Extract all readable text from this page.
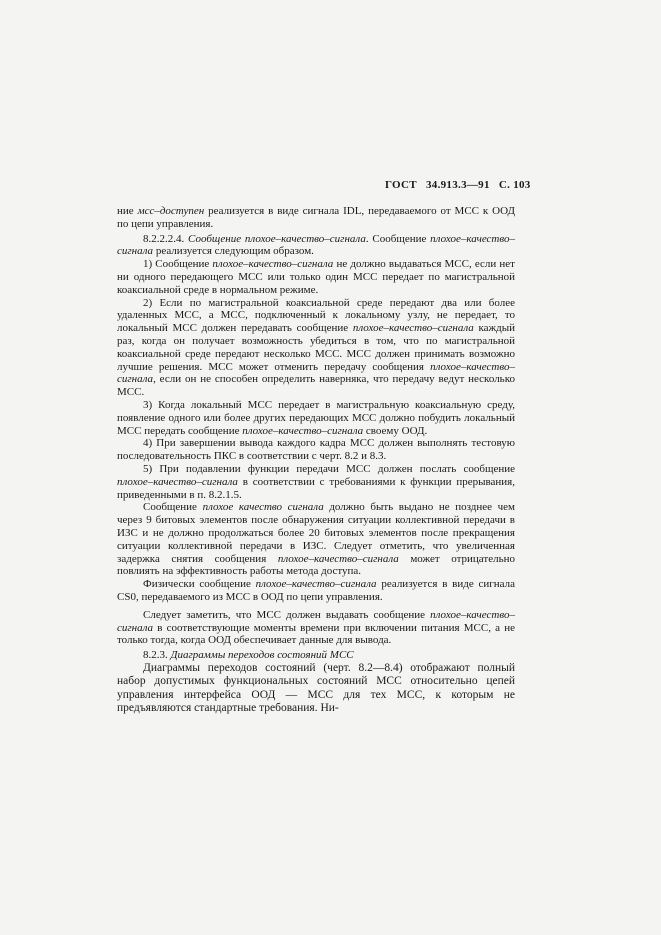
ГОСТ 34.913.3—91 С. 103

ние мсс–доступен реализуется в виде сигнала IDL, передаваемого от МСС к ООД по цепи управления.

8.2.2.2.4. Сообщение плохое–качество–сигнала. Сообщение плохое–качество–сигнала реализуется следующим образом.

1) Сообщение плохое–качество–сигнала не должно выдаваться МСС, если нет ни одного передающего МСС или только один МСС передает по магистральной коаксиальной среде в нормальном режиме.

2) Если по магистральной коаксиальной среде передают два или более удаленных МСС, а МСС, подключенный к локальному узлу, не передает, то локальный МСС должен передавать сообщение плохое–качество–сигнала каждый раз, когда он получает возможность убедиться в том, что по магистральной коаксиальной среде передают несколько МСС. МСС должен принимать возможно лучшие решения. МСС может отменить передачу сообщения плохое–качество–сигнала, если он не способен определить наверняка, что передачу ведут несколько МСС.

3) Когда локальный МСС передает в магистральную коаксиальную среду, появление одного или более других передающих МСС должно побудить локальный МСС передать сообщение плохое–качество–сигнала своему ООД.

4) При завершении вывода каждого кадра МСС должен выполнять тестовую последовательность ПКС в соответствии с черт. 8.2 и 8.3.

5) При подавлении функции передачи МСС должен послать сообщение плохое–качество–сигнала в соответствии с требованиями к функции прерывания, приведенными в п. 8.2.1.5.

Сообщение плохое качество сигнала должно быть выдано не позднее чем через 9 битовых элементов после обнаружения ситуации коллективной передачи в ИЗС и не должно продолжаться более 20 битовых элементов после прекращения ситуации коллективной передачи в ИЗС. Следует отметить, что увеличенная задержка снятия сообщения плохое–качество–сигнала может отрицательно повлиять на эффективность работы метода доступа.

Физически сообщение плохое–качество–сигнала реализуется в виде сигнала CS0, передаваемого из МСС в ООД по цепи управления.

Следует заметить, что МСС должен выдавать сообщение плохое–качество–сигнала в соответствующие моменты времени при включении питания МСС, а не только тогда, когда ООД обеспечивает данные для вывода.

8.2.3. Диаграммы переходов состояний МСС

Диаграммы переходов состояний (черт. 8.2—8.4) отображают полный набор допустимых функциональных состояний МСС относительно цепей управления интерфейса ООД — МСС для тех МСС, к которым не предъявляются стандартные требования. Ни-
